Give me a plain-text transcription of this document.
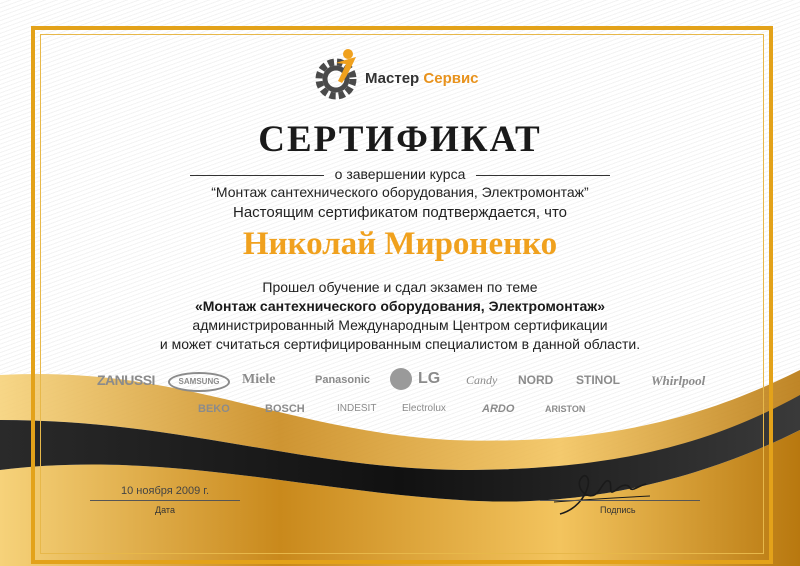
Мастер Сервис
СЕРТИФИКАТ
о завершении курса
“Монтаж сантехнического оборудования, Электромонтаж”
Настоящим сертификатом подтверждается, что
Николай Мироненко
Прошел обучение и сдал экзамен по теме
«Монтаж сантехнического оборудования, Электромонтаж»
администрированный Международным Центром сертификации
и может считаться сертифицированным специалистом в данной области.
ZANUSSI	SAMSUNG	Miele	Panasonic	LG Candy NORD STINOL Whirlpool
BEKO	BOSCH	INDESIT	Electrolux	ARDO	ARISTON
10 ноября 2009 г.
Дата	Подпись
